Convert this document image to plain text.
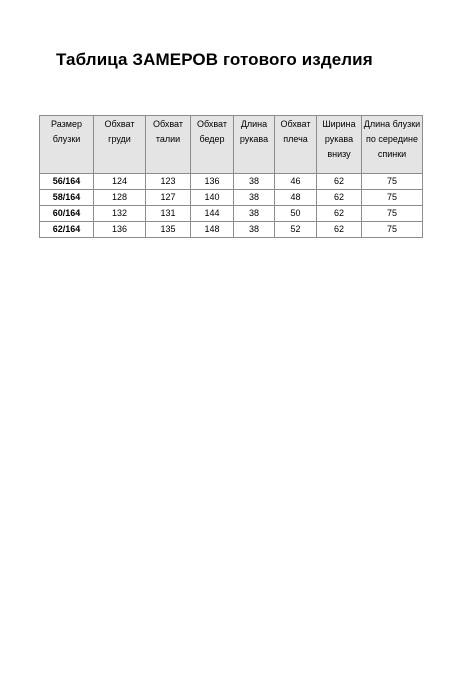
Таблица ЗАМЕРОВ готового изделия
Размер блузки	Обхват груди	Обхват талии	Обхват бедер	Длина рукава	Обхват плеча	Ширина рукава внизу	Длина блузки по середине спинки
56/164	124	123	136	38	46	62	75
58/164	128	127	140	38	48	62	75
60/164	132	131	144	38	50	62	75
62/164	136	135	148	38	52	62	75
